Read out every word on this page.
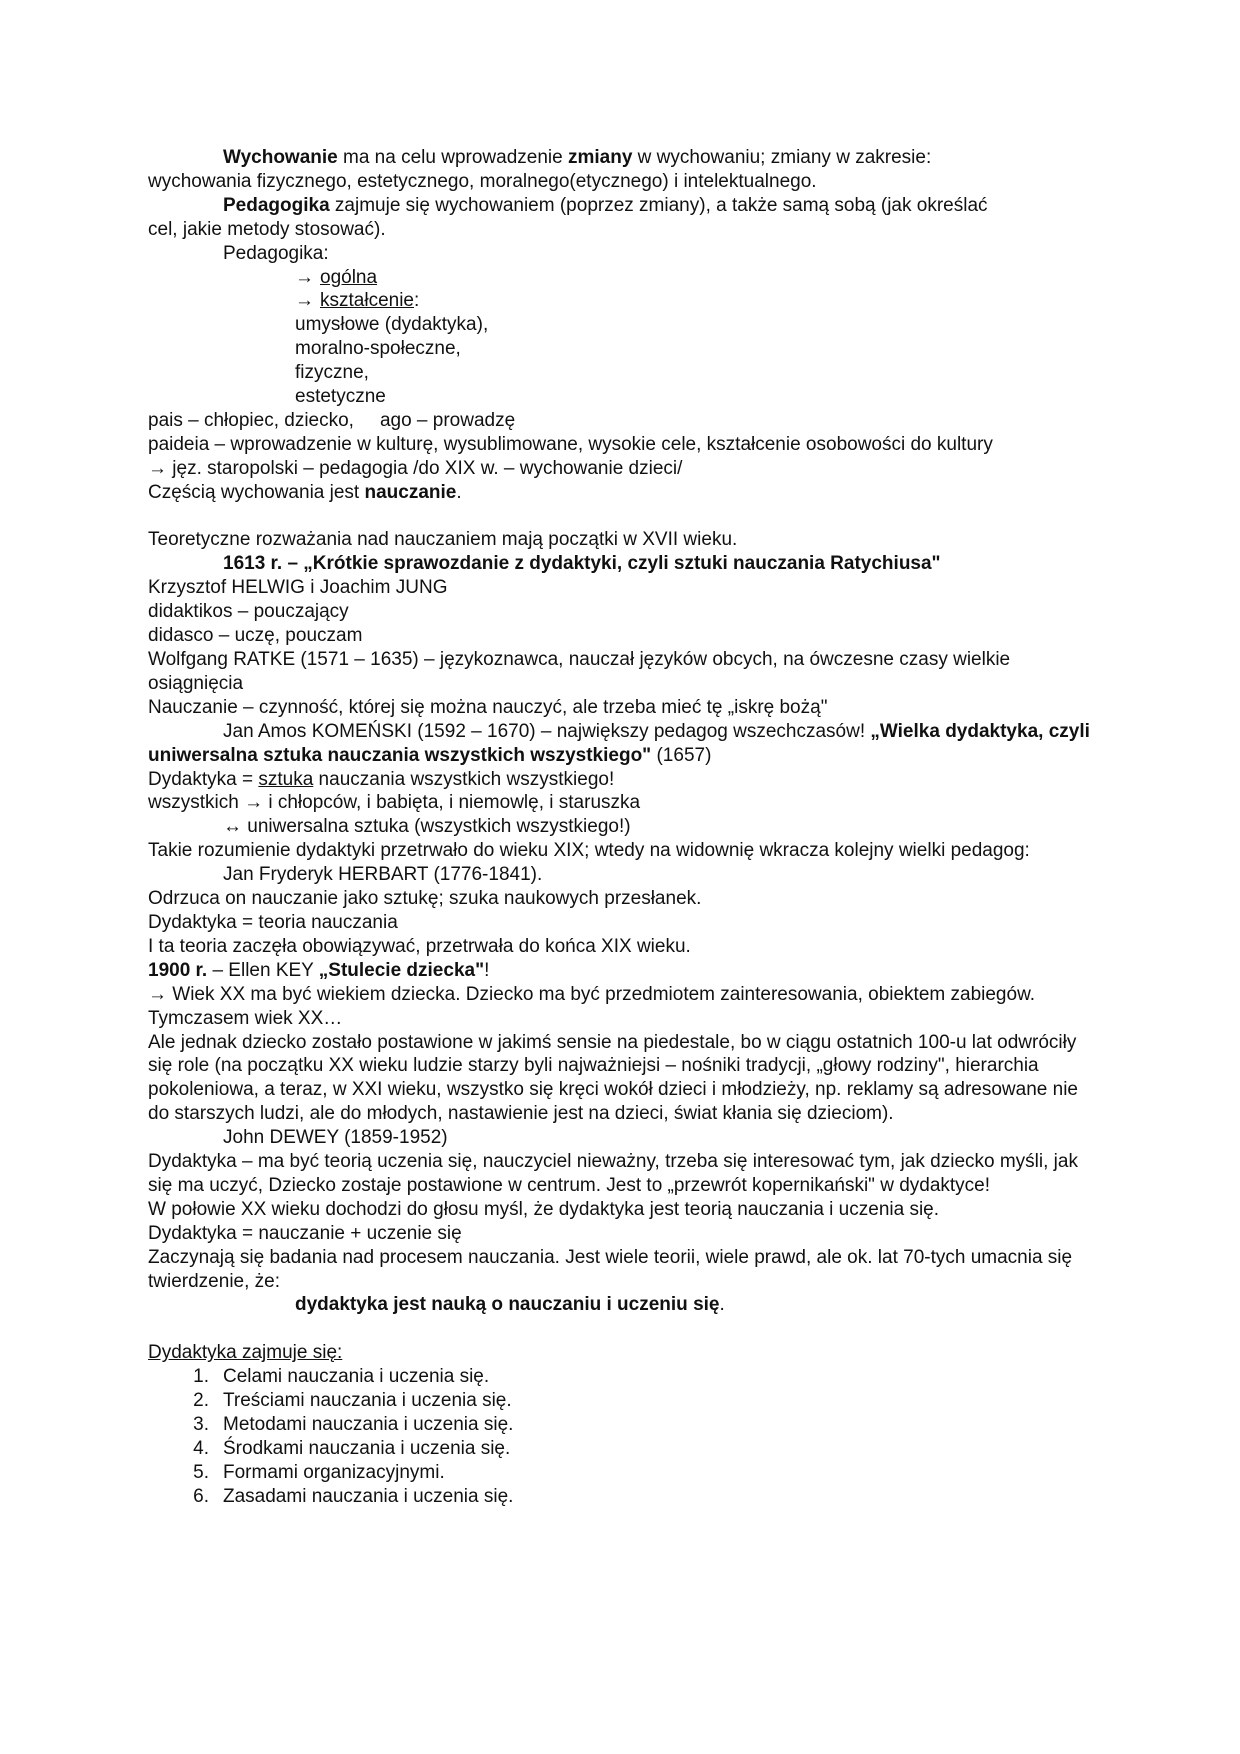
Wychowanie ma na celu wprowadzenie zmiany w wychowaniu; zmiany w zakresie:
wychowania fizycznego, estetycznego, moralnego(etycznego) i intelektualnego.
Pedagogika zajmuje się wychowaniem (poprzez zmiany), a także samą sobą (jak określać
cel, jakie metody stosować).
Pedagogika:
→ ogólna
→ kształcenie:
umysłowe (dydaktyka),
moralno-społeczne,
fizyczne,
estetyczne
pais – chłopiec, dziecko, ago – prowadzę
paideia – wprowadzenie w kulturę, wysublimowane, wysokie cele, kształcenie osobowości do kultury
→ jęz. staropolski – pedagogia /do XIX w. – wychowanie dzieci/
Częścią wychowania jest nauczanie.
Teoretyczne rozważania nad nauczaniem mają początki w XVII wieku.
1613 r. – „Krótkie sprawozdanie z dydaktyki, czyli sztuki nauczania Ratychiusa"
Krzysztof HELWIG i Joachim JUNG
didaktikos – pouczający
didasco – uczę, pouczam
Wolfgang RATKE (1571 – 1635) – językoznawca, nauczał języków obcych, na ówczesne czasy wielkie osiągnięcia
Nauczanie – czynność, której się można nauczyć, ale trzeba mieć tę „iskrę bożą"
Jan Amos KOMEŃSKI (1592 – 1670) – największy pedagog wszechczasów! „Wielka dydaktyka, czyli uniwersalna sztuka nauczania wszystkich wszystkiego" (1657)
Dydaktyka = sztuka nauczania wszystkich wszystkiego!
wszystkich → i chłopców, i babięta, i niemowlę, i staruszka
↔ uniwersalna sztuka (wszystkich wszystkiego!)
Takie rozumienie dydaktyki przetrwało do wieku XIX; wtedy na widownię wkracza kolejny wielki pedagog:
Jan Fryderyk HERBART (1776-1841).
Odrzuca on nauczanie jako sztukę; szuka naukowych przesłanek.
Dydaktyka = teoria nauczania
I ta teoria zaczęła obowiązywać, przetrwała do końca XIX wieku.
1900 r. – Ellen KEY „Stulecie dziecka"!
→ Wiek XX ma być wiekiem dziecka. Dziecko ma być przedmiotem zainteresowania, obiektem zabiegów. Tymczasem wiek XX…
Ale jednak dziecko zostało postawione w jakimś sensie na piedestale, bo w ciągu ostatnich 100-u lat odwróciły się role (na początku XX wieku ludzie starzy byli najważniejsi – nośniki tradycji, „głowy rodziny", hierarchia pokoleniowa, a teraz, w XXI wieku, wszystko się kręci wokół dzieci i młodzieży, np. reklamy są adresowane nie do starszych ludzi, ale do młodych, nastawienie jest na dzieci, świat kłania się dzieciom).
John DEWEY (1859-1952)
Dydaktyka – ma być teorią uczenia się, nauczyciel nieważny, trzeba się interesować tym, jak dziecko myśli, jak się ma uczyć, Dziecko zostaje postawione w centrum. Jest to „przewrót kopernikański" w dydaktyce!
W połowie XX wieku dochodzi do głosu myśl, że dydaktyka jest teorią nauczania i uczenia się.
Dydaktyka = nauczanie + uczenie się
Zaczynają się badania nad procesem nauczania. Jest wiele teorii, wiele prawd, ale ok. lat 70-tych umacnia się twierdzenie, że:
dydaktyka jest nauką o nauczaniu i uczeniu się.
Dydaktyka zajmuje się:
1. Celami nauczania i uczenia się.
2. Treściami nauczania i uczenia się.
3. Metodami nauczania i uczenia się.
4. Środkami nauczania i uczenia się.
5. Formami organizacyjnymi.
6. Zasadami nauczania i uczenia się.
